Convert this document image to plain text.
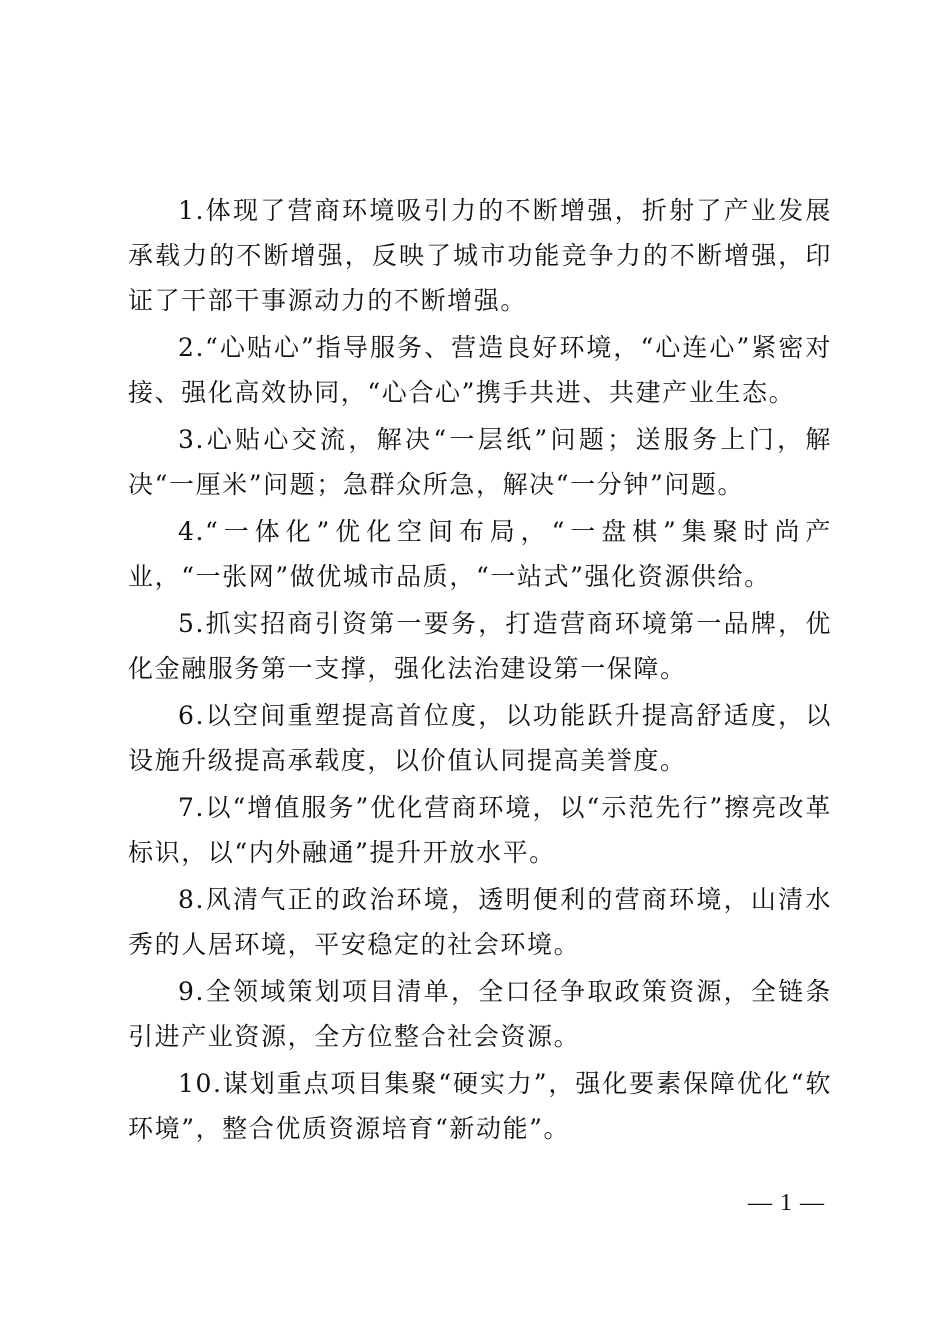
1.体现了营商环境吸引力的不断增强，折射了产业发展承载力的不断增强，反映了城市功能竞争力的不断增强，印证了干部干事源动力的不断增强。

2.“心贴心”指导服务、营造良好环境，“心连心”紧密对接、强化高效协同，“心合心”携手共进、共建产业生态。

3.心贴心交流，解决“一层纸”问题；送服务上门，解决“一厘米”问题；急群众所急，解决“一分钟”问题。

4.“一体化”优化空间布局，“一盘棋”集聚时尚产业，“一张网”做优城市品质，“一站式”强化资源供给。

5.抓实招商引资第一要务，打造营商环境第一品牌，优化金融服务第一支撑，强化法治建设第一保障。

6.以空间重塑提高首位度，以功能跃升提高舒适度，以设施升级提高承载度，以价值认同提高美誉度。

7.以“增值服务”优化营商环境，以“示范先行”擦亮改革标识，以“内外融通”提升开放水平。

8.风清气正的政治环境，透明便利的营商环境，山清水秀的人居环境，平安稳定的社会环境。

9.全领域策划项目清单，全口径争取政策资源，全链条引进产业资源，全方位整合社会资源。

10.谋划重点项目集聚“硬实力”，强化要素保障优化“软环境”，整合优质资源培育“新动能”。

— 1 —
